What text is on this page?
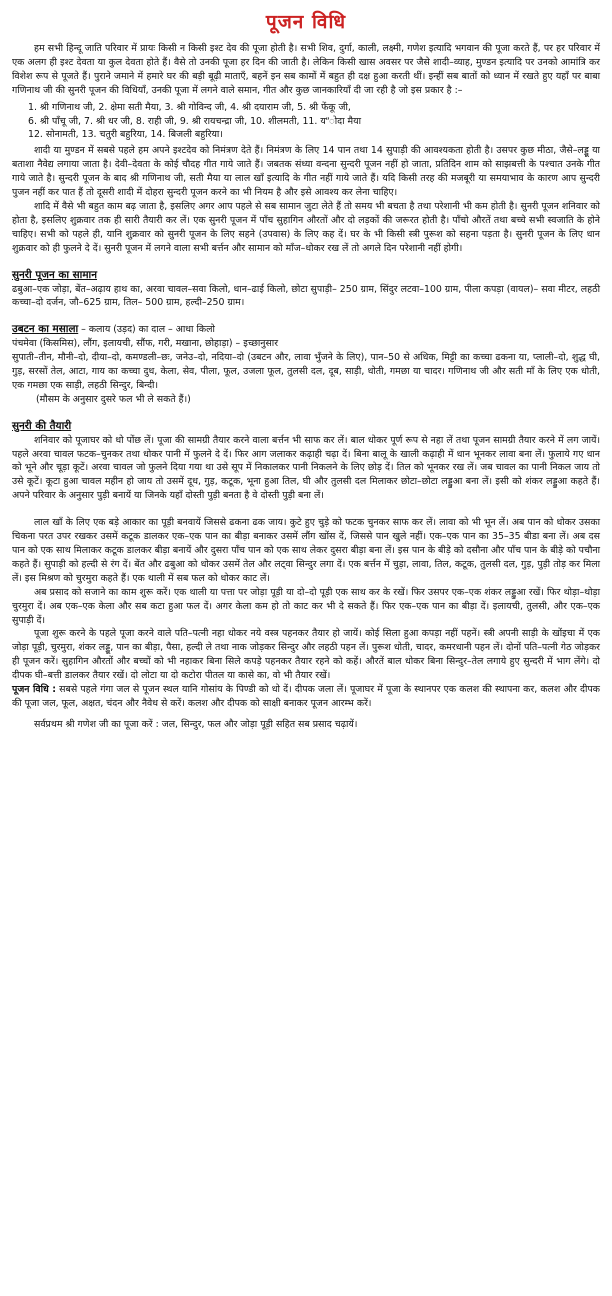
पूजन विधि

हम सभी हिन्दू जाति परिवार में प्रायः किसी न किसी इश्ट देव की पूजा होती है। सभी शिव, दुर्गा, काली, लक्ष्मी, गणेश इत्यादि भगवान की पूजा करते हैं, पर हर परिवार में एक अलग ही इश्ट देवता या कुल देवता होते हैं। वैसे तो उनकी पूजा हर दिन की जाती है। लेकिन किसी खास अवसर पर जैसे शादी–व्याह, मुण्डन इत्यादि पर उनको आमांत्रि कर विशेश रूप से पूजते हैं। पुराने जमाने में हमारे घर की बड़ी बूढ़ी माताएँ, बहनें इन सब कामों में बहुत ही दक्ष हुआ करती थीं। इन्हीं सब बातों को ध्यान में रखते हुए यहाँ पर बाबा गणिनाथ जी की सुनरी पूजन की विधियाँ, उनकी पूजा में लगने वाले समान, गीत और कुछ जानकारियाँ दी जा रही है जो इस प्रकार है :–

1. श्री गणिनाथ जी, 2. क्षेमा सती मैया, 3. श्री गोविन्द जी, 4. श्री दयाराम जी, 5. श्री फेंकू जी,
6. श्री पाँचू जी, 7. श्री धर जी, 8. राही जी, 9. श्री रायचन्द्रा जी, 10. शीलमती, 11. य“ोदा मैया
12. सोनामती, 13. चतुरी बहुरिया, 14. बिजली बहुरिया।

शादी या मुण्डन में सबसे पहले हम अपने इश्टदेव को निमंत्रण देते हैं। निमंत्रण के लिए 14 पान तथा 14 सुपाड़ी की आवश्यकता होती है। उसपर कुछ मीठा, जैसे–लड्डू या बताशा नैवेद्य लगाया जाता है। देवी–देवता के कोई चौदह गीत गाये जाते हैं। जबतक संध्या वन्दना सुन्दरी पूजन नहीं हो जाता, प्रतिदिन शाम को साझबत्ती के पश्चात उनके गीत गाये जाते है। सुन्दरी पूजन के बाद श्री गणिनाथ जी, सती मैया या लाल खाँ इत्यादि के गीत नहीं गाये जाते हैं। यदि किसी तरह की मजबूरी या समयाभाव के कारण आप सुन्दरी पुजन नहीं कर पात हैं तो दूसरी शादी में दोहरा सुन्दरी पूजन करने का भी नियम है और इसे आवश्य कर लेना चाहिए।

शादि में वैसे भी बहुत काम बढ़ जाता है, इसलिए अगर आप पहले से सब सामान जुटा लेते हैं तो समय भी बचता है तथा परेशानी भी कम होती है। सुनरी पूजन शनिवार को होता है, इसलिए शुक्रवार तक ही सारी तैयारी कर लें। एक सुनरी पूजन में पाँच सुहागिन औरतों और दो लड़कों की जरूरत होती है। पाँचो औरतें तथा बच्चे सभी स्वजाति के होने चाहिए। सभी को पहले ही, यानि शुक्रवार को सुनरी पूजन के लिए सहने (उपवास) के लिए कह दें। घर के भी किसी स्त्री पुरूश को सहना पड़ता है। सुनरी पूजन के लिए धान शुक्रवार को ही फुलने दे दें। सुनरी पूजन में लगने वाला सभी बर्त्तन और सामान को मॉंज–धोकर रख लें तो अगले दिन परेशानी नहीं होगी।

सुनरी पूजन का सामान

ढबुआ–एक जोड़ा, बेंत–अढ़ाय हाथ का, अरवा चावल–सवा किलो, धान–ढाई किलो, छोटा सुपाड़ी– 250 ग्राम, सिंदुर लटवा–100 ग्राम, पीला कपड़ा (वायल)– सवा मीटर, लहठी कच्चा–दो दर्जन, जौ–625 ग्राम, तिल– 500 ग्राम, हल्दी–250 ग्राम।

उबटन का मसाला – कलाय (उड़द) का दाल – आधा किलो

पंचमेवा (किसमिस), लौंग, इलायची, सौंफ, गरी, मखाना, छोहाड़ा) – इच्छानुसार

सुपाती–तीन, मौनी–दो, दीया–दो, कमण्डली–छः, जनेउ–दो, नदिया–दो (उबटन और, लावा भुँजने के लिए), पान–50 से अधिक, मिट्टी का कच्चा ढकना या, प्लाली–दो, शुद्ध घी, गुड़, सरसों तेल, आटा, गाय का कच्चा दुध, केला, सेव, पीला, फूल, उजला फूल, तुलसी दल, दूब, साड़ी, धोती, गमछा या चादर। गणिनाथ जी और सती माँ के लिए एक धोती, एक गमछा एक साड़ी, लहठी सिन्दुर, बिन्दी।

(मौसम के अनुसार दुसरे फल भी ले सकते हैं।)

सुनरी की तैयारी

शनिवार को पूजाघर को धो पोंछ लें। पूजा की सामग्री तैयार करने वाला बर्त्तन भी साफ कर लें। बाल धोकर पूर्ण रूप से नहा लें तथा पूजन सामग्री तैयार करने में लग जायें। पहले अरवा चावल फटक–चुनकर तथा धोकर पानी में फुलने दे दें। फिर आग जलाकर कढ़ाही चढ़ा दें। बिना बालू के खाली कढ़ाही में धान भूनकर लावा बना लें। फुलाये गए धान को भूने और चूड़ा कूटें। अरवा चावल जो फुलने दिया गया था उसे सूप में निकालकर पानी निकलने के लिए छोड़ दें। तिल को भूनकर रख लें। जब चावल का पानी निकल जाय तो उसे कूटें। कूटा हुआ चावल महीन हो जाय तो उसमें दूध, गुड़, कटूक, भूना हुआ तिल, घी और तुलसी दल मिलाकर छोटा–छोटा लड्डुआ बना लें। इसी को शंकर लड्डुआ कहते हैं। अपने परिवार के अनुसार पुड़ी बनायें या जिनके यहाँ दोस्ती पुड़ी बनता है वे दोस्ती पुड़ी बना लें।

लाल खाँ के लिए एक बड़े आकार का पूड़ी बनवायें जिससे ढकना ढक जाय। कुटे हुए चुड़े को फटक चुनकर साफ कर लें। लावा को भी भून लें। अब पान को धोकर उसका चिकना परत उपर रखकर उसमें कटूक डालकर एक–एक पान का बीड़ा बनाकर उसमें लौंग खोंस दें, जिससे पान खुले नहीं। एक–एक पान का 35–35 बीडा बना लें। अब दस पान को एक साथ मिलाकर कटूक डालकर बीड़ा बनायें और दुसरा पाँच पान को एक साथ लेकर दुसरा बीड़ा बना लें। इस पान के बीड़े को दसौना और पाँच पान के बीड़े को पचौना कहते हैं। सुपाड़ी को हल्दी से रंग दें। बेंत और ढबुआ को धोकर उसमें तेल और लट्वा सिन्दुर लगा दें। एक बर्त्तन में चुड़ा, लावा, तिल, कटूक, तुलसी दल, गुड़, पुड़ी तोड़ कर मिला लें। इस मिश्रण को चुरमुरा कहते हैं। एक थाली में सब फल को धोकर काट लें।

अब प्रसाद को सजाने का काम शुरू करें। एक थाली या पत्ता पर जोड़ा पूड़ी या दो–दो पूड़ी एक साथ कर के रखें। फिर उसपर एक–एक शंकर लड्डुआ रखें। फिर थोड़ा–थोड़ा चुरमुरा दें। अब एक–एक केला और सब कटा हुआ फल दें। अगर केला कम हो तो काट कर भी दे सकते हैं। फिर एक–एक पान का बीड़ा दें। इलायची, तुलसी, और एक–एक सुपाड़ी दें।

पूजा शुरू करने के पहले पूजा करने वाले पति–पत्नी नहा धोकर नये वस्त्र पहनकर तैयार हो जायें। कोई सिला हुआ कपड़ा नहीं पहनें। स्त्री अपनी साड़ी के खोंइचा में एक जोड़ा पूड़ी, चुरमुरा, शंकर लड्डू, पान का बीड़ा, पैसा, हल्दी ले तथा नाक जोड़कर सिन्दुर और लहठी पहन लें। पुरूश धोती, चादर, कमरधानी पहन लें। दोनों पति–पत्नी गेठ जोड़कर ही पूजन करें। सुहागिन औरतों और बच्चों को भी नहाकर बिना सिले कपड़े पहनकर तैयार रहने को कहें। औरतें बाल धोकर बिना सिन्दुर–तेल लगाये हुए सुन्दरी में भाग लेंगे। दो दीपक घी–बत्ती डालकर तैयार रखें। दो लोटा या दो कटोरा पीतल या कासे का, वो भी तैयार रखें।

पूजन विधि : सबसे पहले गंगा जल से पूजन स्थल यानि गोसांय के पिण्डी को धो दें। दीपक जला लें। पूजाघर में पूजा के स्थानपर एक कलश की स्थापना कर, कलश और दीपक की पूजा जल, फूल, अक्षत, चंदन और नैवेध से करें। कलश और दीपक को साक्षी बनाकर पूजन आरम्भ करें।

सर्वप्रथम श्री गणेश जी का पूजा करें : जल, सिन्दुर, फल और जोड़ा पूड़ी सहित सब प्रसाद चढ़ायें।
